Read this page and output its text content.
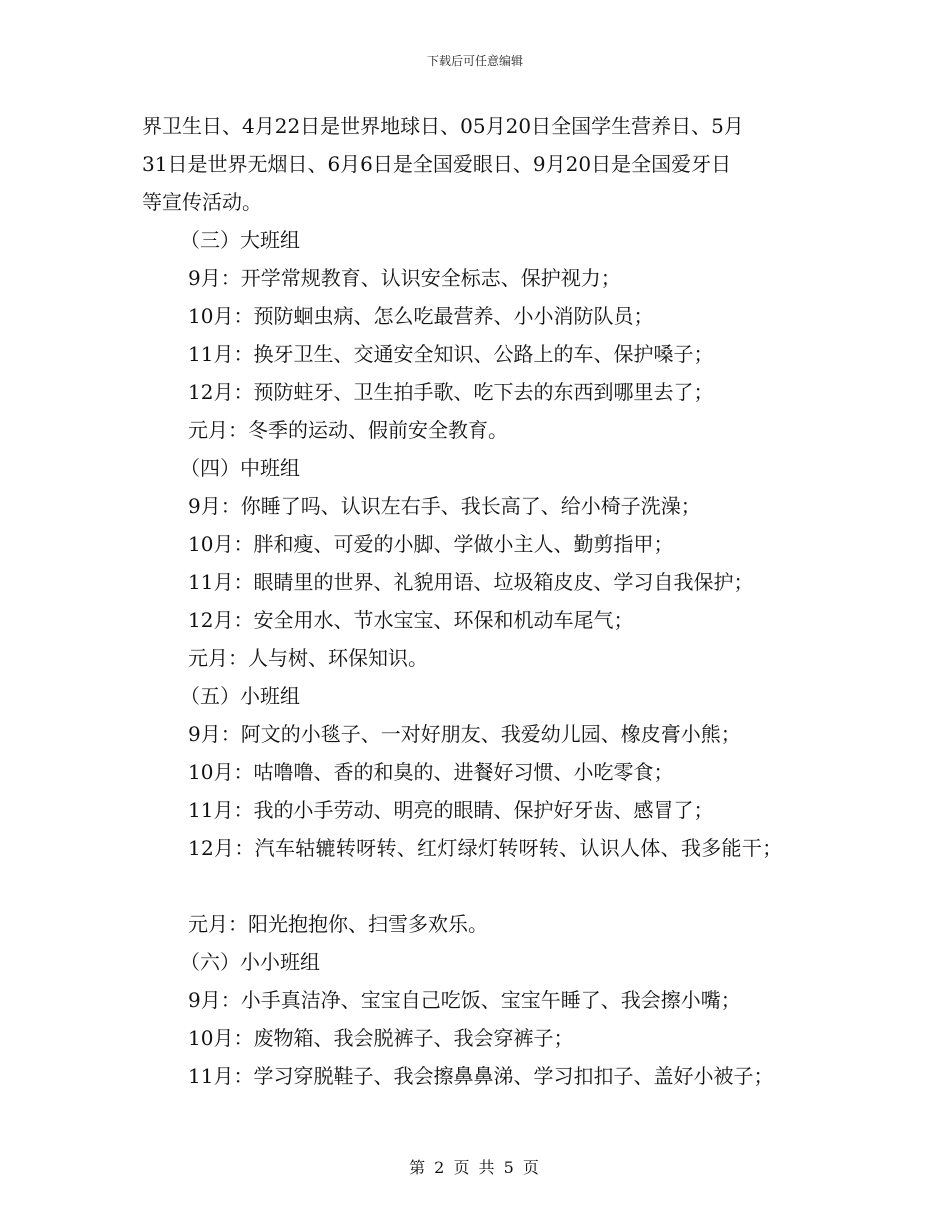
下载后可任意编辑
界卫生日、4月22日是世界地球日、05月20日全国学生营养日、5月
31日是世界无烟日、6月6日是全国爱眼日、9月20日是全国爱牙日
等宣传活动。
（三）大班组
9月：开学常规教育、认识安全标志、保护视力；
10月：预防蛔虫病、怎么吃最营养、小小消防队员；
11月：换牙卫生、交通安全知识、公路上的车、保护嗓子；
12月：预防蛀牙、卫生拍手歌、吃下去的东西到哪里去了；
元月：冬季的运动、假前安全教育。
（四）中班组
9月：你睡了吗、认识左右手、我长高了、给小椅子洗澡；
10月：胖和瘦、可爱的小脚、学做小主人、勤剪指甲；
11月：眼睛里的世界、礼貌用语、垃圾箱皮皮、学习自我保护；
12月：安全用水、节水宝宝、环保和机动车尾气；
元月：人与树、环保知识。
（五）小班组
9月：阿文的小毯子、一对好朋友、我爱幼儿园、橡皮膏小熊；
10月：咕噜噜、香的和臭的、进餐好习惯、小吃零食；
11月：我的小手劳动、明亮的眼睛、保护好牙齿、感冒了；
12月：汽车轱辘转呀转、红灯绿灯转呀转、认识人体、我多能干；
元月：阳光抱抱你、扫雪多欢乐。
（六）小小班组
9月：小手真洁净、宝宝自己吃饭、宝宝午睡了、我会擦小嘴；
10月：废物箱、我会脱裤子、我会穿裤子；
11月：学习穿脱鞋子、我会擦鼻鼻涕、学习扣扣子、盖好小被子；
第 2 页 共 5 页
